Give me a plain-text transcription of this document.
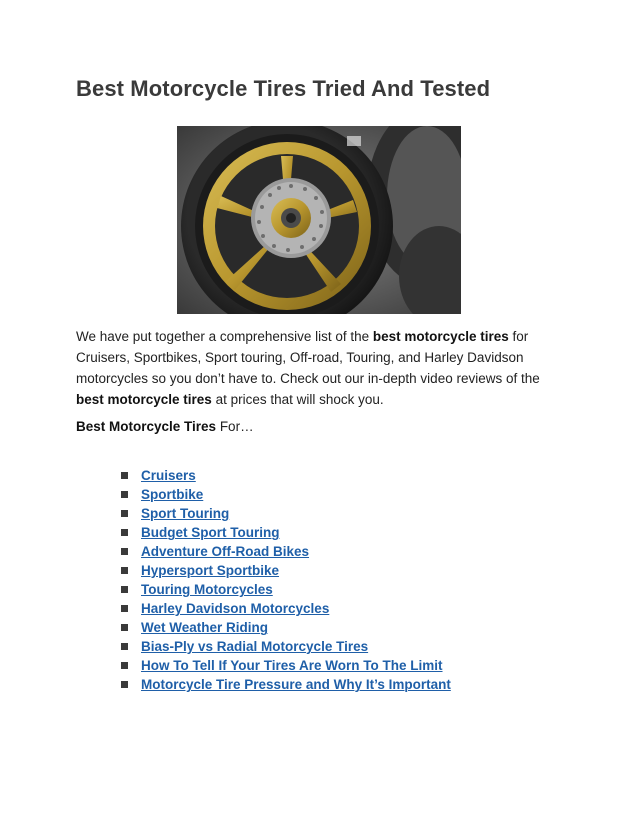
Best Motorcycle Tires Tried And Tested

We have put together a comprehensive list of the best motorcycle tires for Cruisers, Sportbikes, Sport touring, Off-road, Touring, and Harley Davidson motorcycles so you don’t have to. Check out our in-depth video reviews of the best motorcycle tires at prices that will shock you.

Best Motorcycle Tires For…

Cruisers
Sportbike
Sport Touring
Budget Sport Touring
Adventure Off-Road Bikes
Hypersport Sportbike
Touring Motorcycles
Harley Davidson Motorcycles
Wet Weather Riding
Bias-Ply vs Radial Motorcycle Tires
How To Tell If Your Tires Are Worn To The Limit
Motorcycle Tire Pressure and Why It’s Important
